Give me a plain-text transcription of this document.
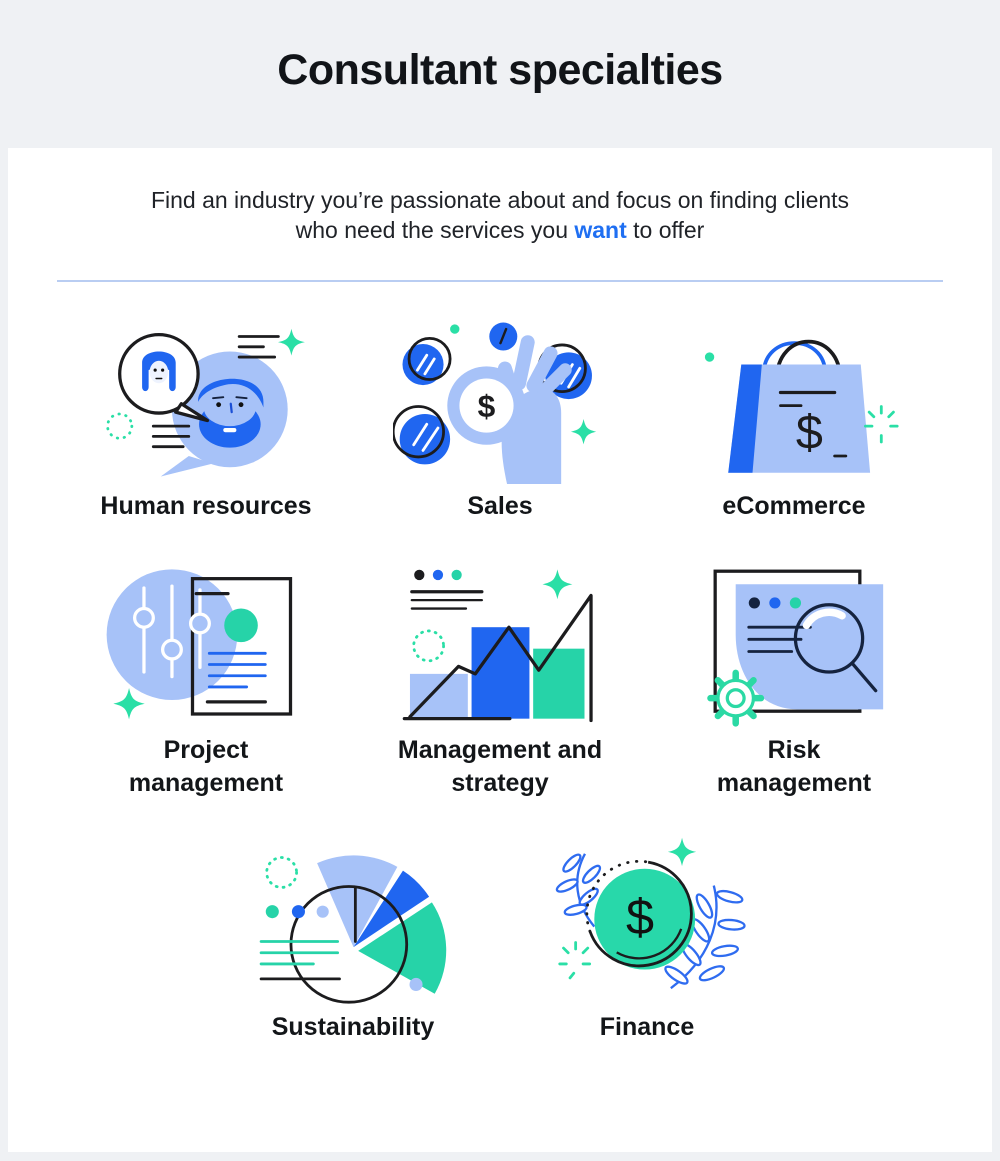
Consultant specialties

Find an industry you’re passionate about and focus on finding clients who need the services you want to offer

Human resources
$
Sales
$
eCommerce
Project management
Management and strategy
Risk management
Sustainability
$
Finance
